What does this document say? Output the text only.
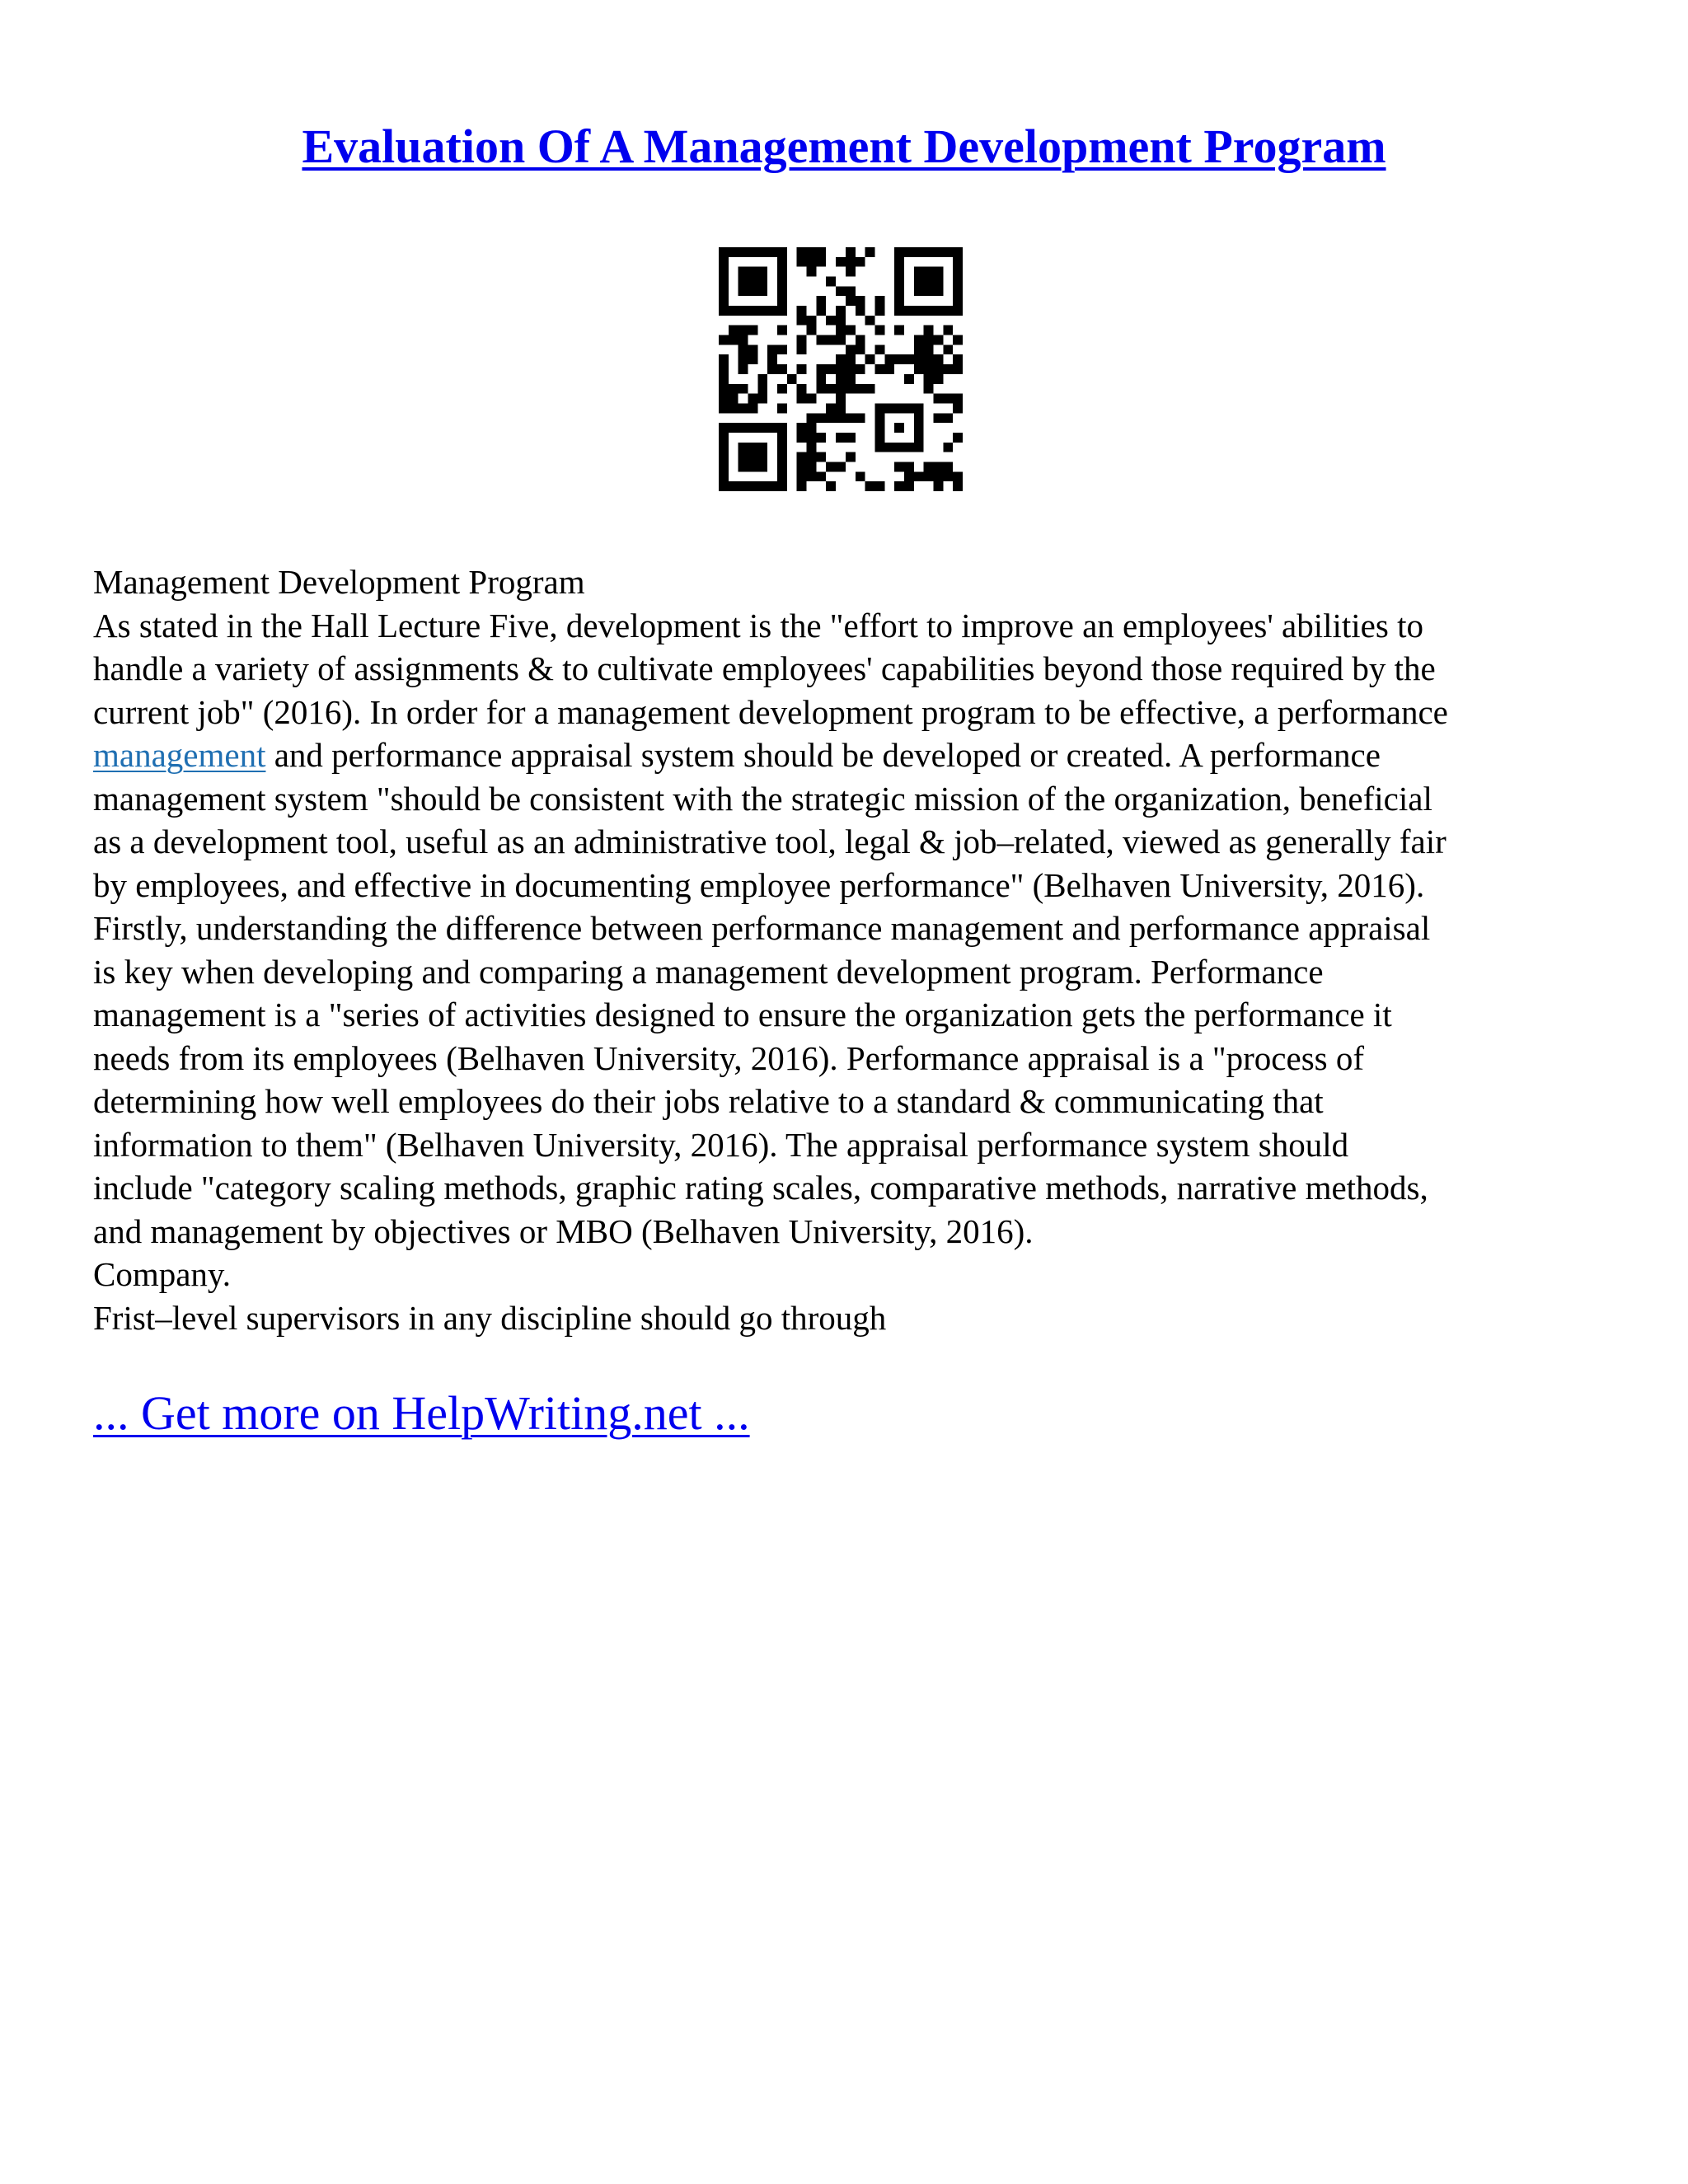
Evaluation Of A Management Development Program
Management Development Program
As stated in the Hall Lecture Five, development is the "effort to improve an employees' abilities to
handle a variety of assignments & to cultivate employees' capabilities beyond those required by the
current job" (2016). In order for a management development program to be effective, a performance
management and performance appraisal system should be developed or created. A performance
management system "should be consistent with the strategic mission of the organization, beneficial
as a development tool, useful as an administrative tool, legal & job–related, viewed as generally fair
by employees, and effective in documenting employee performance" (Belhaven University, 2016).
Firstly, understanding the difference between performance management and performance appraisal
is key when developing and comparing a management development program. Performance
management is a "series of activities designed to ensure the organization gets the performance it
needs from its employees (Belhaven University, 2016). Performance appraisal is a "process of
determining how well employees do their jobs relative to a standard & communicating that
information to them" (Belhaven University, 2016). The appraisal performance system should
include "category scaling methods, graphic rating scales, comparative methods, narrative methods,
and management by objectives or MBO (Belhaven University, 2016).
Company.
Frist–level supervisors in any discipline should go through
... Get more on HelpWriting.net ...
